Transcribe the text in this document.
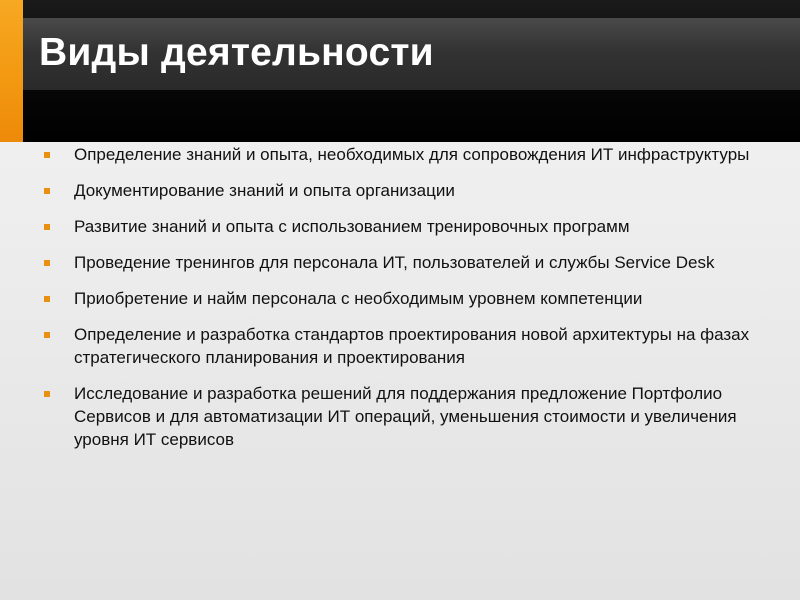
Виды деятельности
Определение знаний и опыта, необходимых для сопровождения ИТ инфраструктуры
Документирование знаний и опыта организации
Развитие знаний и опыта с использованием тренировочных программ
Проведение тренингов для персонала ИТ, пользователей и службы Service Desk
Приобретение и найм персонала с необходимым уровнем компетенции
Определение и разработка стандартов проектирования новой архитектуры на фазах стратегического планирования и проектирования
Исследование и разработка решений для поддержания предложение Портфолио Сервисов и для автоматизации ИТ операций, уменьшения стоимости и увеличения уровня ИТ сервисов
